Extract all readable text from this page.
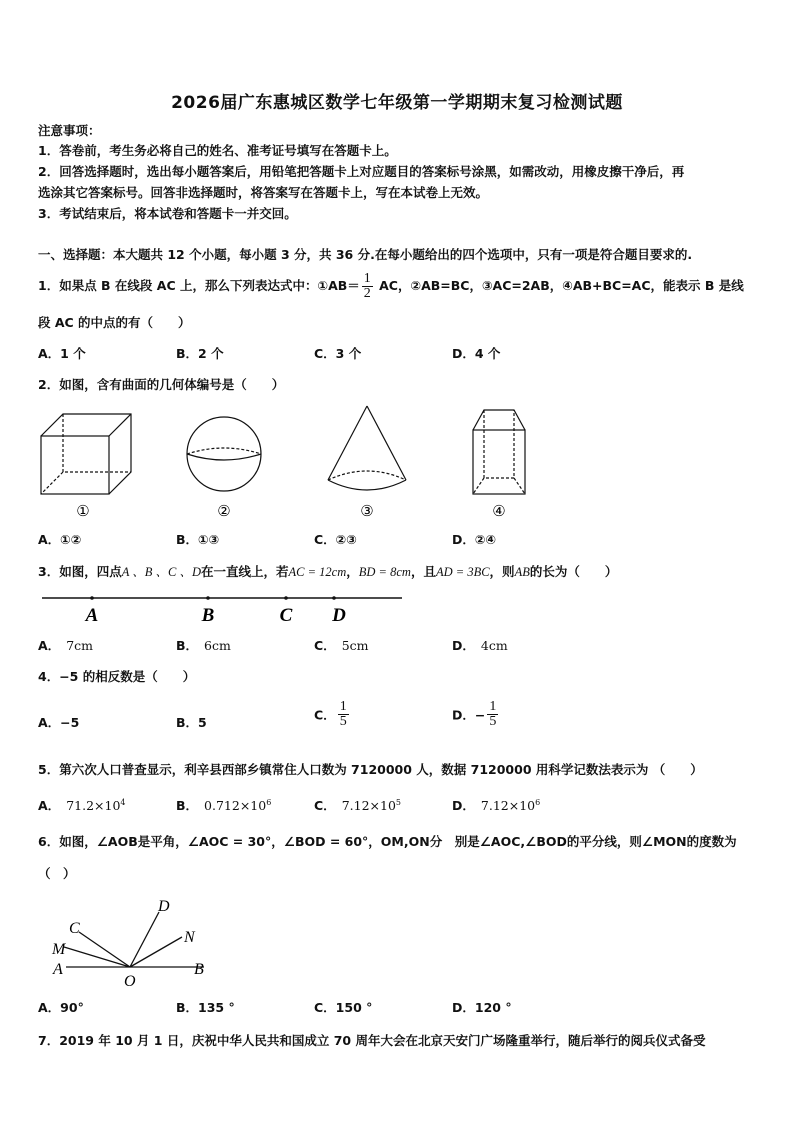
2026届广东惠城区数学七年级第一学期期末复习检测试题
注意事项：
1．答卷前，考生务必将自己的姓名、准考证号填写在答题卡上。
2．回答选择题时，选出每小题答案后，用铅笔把答题卡上对应题目的答案标号涂黑，如需改动，用橡皮擦干净后，再
选涂其它答案标号。回答非选择题时，将答案写在答题卡上，写在本试卷上无效。
3．考试结束后，将本试卷和答题卡一并交回。
一、选择题：本大题共 12 个小题，每小题 3 分，共 36 分.在每小题给出的四个选项中，只有一项是符合题目要求的.
1．如果点 B 在线段 AC 上，那么下列表达式中：①AB＝ $\frac{1}{2}$ AC，②AB=BC，③AC=2AB，④AB+BC=AC，能表示 B 是线
段 AC 的中点的有（　　）
A．1 个	B．2 个	C．3 个	D．4 个
2．如图，含有曲面的几何体编号是（　　）
①	②	③	④
A．①②	B．①③	C．②③	D．②④
3．如图，四点A 、B 、C 、D在一直线上，若AC = 12cm，BD = 8cm，且AD = 3BC，则AB的长为（　　）
A	B	C D
A． 7cm	B． 6cm	C． 5cm	D． 4cm
4．−5 的相反数是（　　）
A．−5	B．5	C． $\frac{1}{5}$	D．− $\frac{1}{5}$
5．第六次人口普查显示，利辛县西部乡镇常住人口数为 7120000 人，数据 7120000 用科学记数法表示为 （　　）
A． $71.2\times 10^4$	B． $0.712\times 10^6$	C． $7.12\times 10^5$	D． $7.12\times 10^6$
6．如图，∠AOB是平角，∠AOC = 30°，∠BOD = 60°，OM,ON分　别是∠AOC,∠BOD的平分线，则∠MON的度数为
（　）
C
D
M
N
A
O
B
A．90°	B．135 °	C．150 °	D．120 °
7．2019 年 10 月 1 日，庆祝中华人民共和国成立 70 周年大会在北京天安门广场隆重举行，随后举行的阅兵仪式备受
